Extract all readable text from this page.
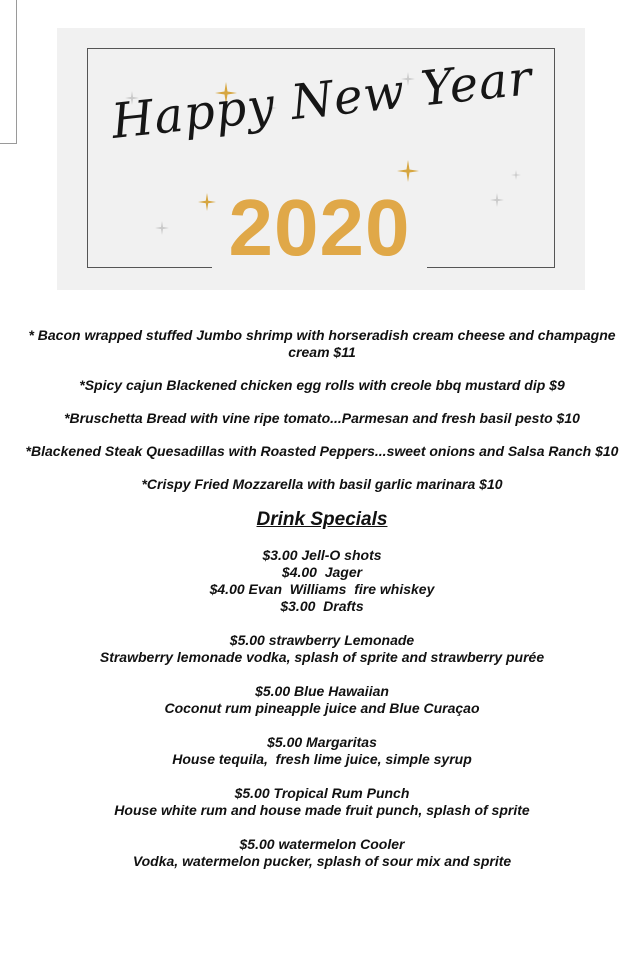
Happy New Year
2020
* Bacon wrapped stuffed Jumbo shrimp with horseradish cream cheese and champagne cream $11
*Spicy cajun Blackened chicken egg rolls with creole bbq mustard dip $9
*Bruschetta Bread with vine ripe tomato...Parmesan and fresh basil pesto $10
*Blackened Steak Quesadillas with Roasted Peppers...sweet onions and Salsa Ranch $10
*Crispy Fried Mozzarella with basil garlic marinara $10
Drink Specials
$3.00 Jell-O shots
$4.00  Jager
$4.00 Evan  Williams  fire whiskey
$3.00  Drafts
$5.00 strawberry Lemonade
Strawberry lemonade vodka, splash of sprite and strawberry purée
$5.00 Blue Hawaiian
Coconut rum pineapple juice and Blue Curaçao
$5.00 Margaritas
House tequila,  fresh lime juice, simple syrup
$5.00 Tropical Rum Punch
House white rum and house made fruit punch, splash of sprite
$5.00 watermelon Cooler
Vodka, watermelon pucker, splash of sour mix and sprite
